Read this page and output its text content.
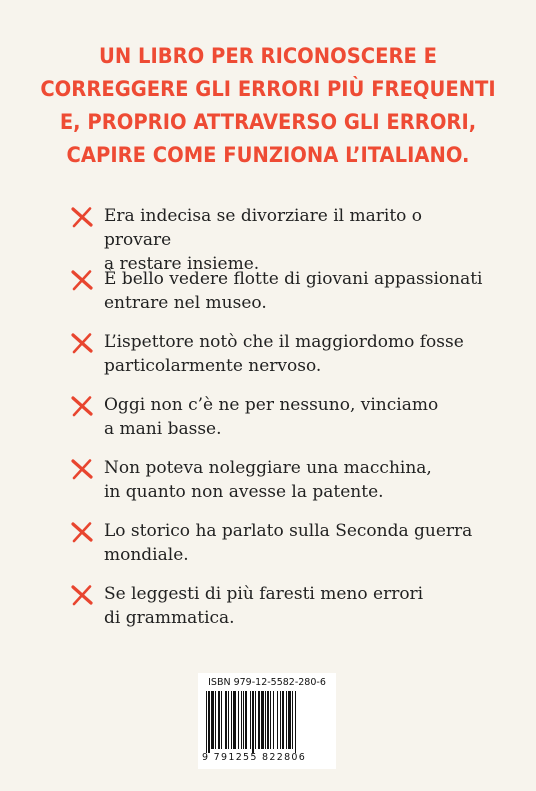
UN LIBRO PER RICONOSCERE E
CORREGGERE GLI ERRORI PIÙ FREQUENTI
E, PROPRIO ATTRAVERSO GLI ERRORI,
CAPIRE COME FUNZIONA L’ITALIANO.
Era indecisa se divorziare il marito o provare
a restare insieme.
È bello vedere flotte di giovani appassionati
entrare nel museo.
L’ispettore notò che il maggiordomo fosse
particolarmente nervoso.
Oggi non c’è ne per nessuno, vinciamo
a mani basse.
Non poteva noleggiare una macchina,
in quanto non avesse la patente.
Lo storico ha parlato sulla Seconda guerra
mondiale.
Se leggesti di più faresti meno errori
di grammatica.
ISBN 979-12-5582-280-6
9 791255 822806
